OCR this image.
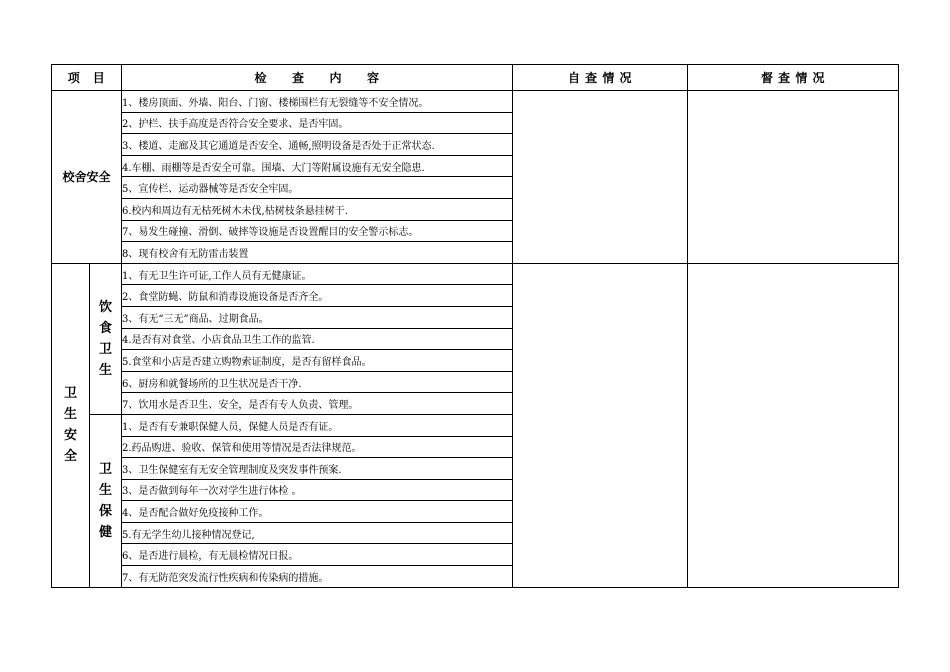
项　目		检　　查　　内　　容	自 查 情 况	督 查 情 况
校舍安全		1、楼房顶面、外墙、阳台、门窗、楼梯围栏有无裂缝等不安全情况。		
		2、护栏、扶手高度是否符合安全要求、是否牢固。		
		3、楼道、走廊及其它通道是否安全、通畅,照明设备是否处于正常状态.		
		4.车棚、雨棚等是否安全可靠。围墙、大门等附属设施有无安全隐患.		
		5、宣传栏、运动器械等是否安全牢固。		
		6.校内和周边有无枯死树木未伐,枯树枝条悬挂树干.		
		7、易发生碰撞、滑倒、破摔等设施是否设置醒目的安全警示标志。		
		8、现有校舍有无防雷击装置		
卫生安全	饮食卫生	1、有无卫生许可证,工作人员有无健康证。		
		2、食堂防蝇、防鼠和消毒设施设备是否齐全。		
		3、有无“三无”商品、过期食品。		
		4.是否有对食堂、小店食品卫生工作的监管.		
		5.食堂和小店是否建立购物索证制度，是否有留样食品。		
		6、厨房和就餐场所的卫生状况是否干净.		
		7、饮用水是否卫生、安全，是否有专人负责、管理。		
	卫生保健	1、是否有专兼职保健人员，保健人员是否有证。		
		2.药品购进、验收、保管和使用等情况是否法律规范。		
		3、卫生保健室有无安全管理制度及突发事件预案.		
		3、是否做到每年一次对学生进行体检 。		
		4、是否配合做好免疫接种工作。		
		5.有无学生幼儿接种情况登记,		
		6、是否进行晨检，有无晨检情况日报。		
		7、有无防范突发流行性疾病和传染病的措施。		
